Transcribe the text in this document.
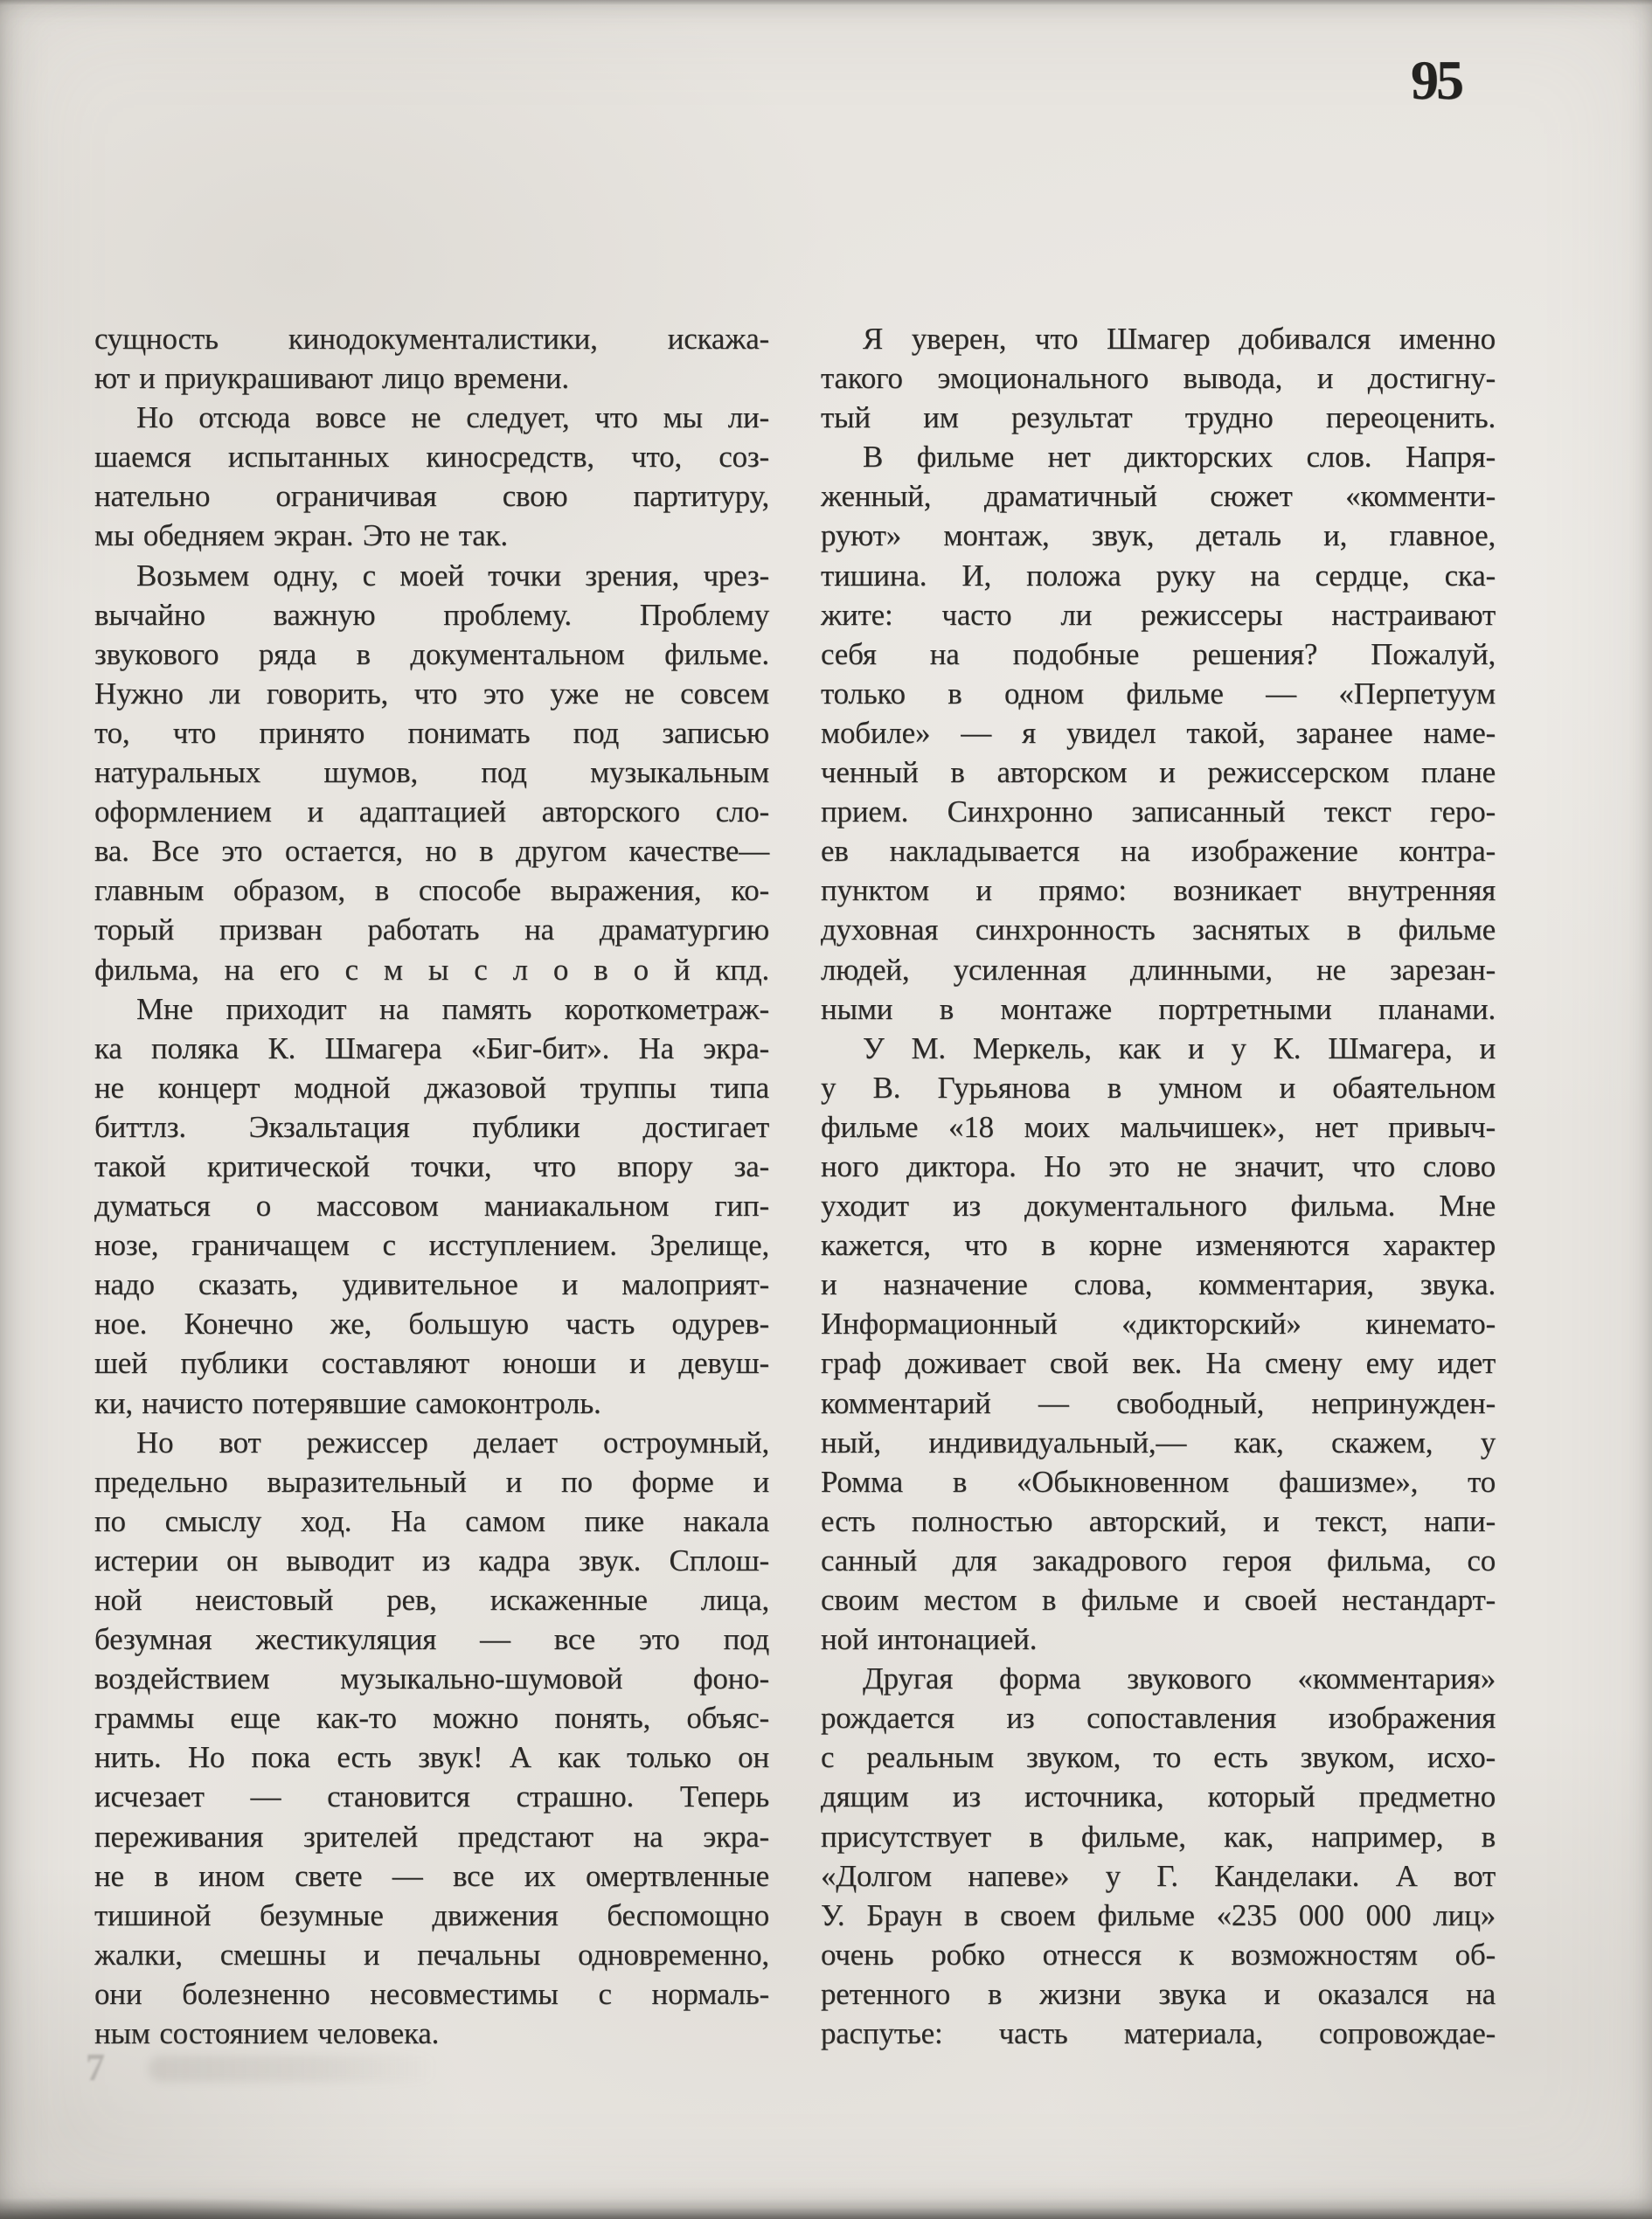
95
сущность кинодокументалистики, искажа-
ют и приукрашивают лицо времени.
Но отсюда вовсе не следует, что мы ли-
шаемся испытанных киносредств, что, соз-
нательно ограничивая свою партитуру,
мы обедняем экран. Это не так.
Возьмем одну, с моей точки зрения, чрез-
вычайно важную проблему. Проблему
звукового ряда в документальном фильме.
Нужно ли говорить, что это уже не совсем
то, что принято понимать под записью
натуральных шумов, под музыкальным
оформлением и адаптацией авторского сло-
ва. Все это остается, но в другом качестве—
главным образом, в способе выражения, ко-
торый призван работать на драматургию
фильма, на его с м ы с л о в о й кпд.
Мне приходит на память короткометраж-
ка поляка К. Шмагера «Биг-бит». На экра-
не концерт модной джазовой труппы типа
биттлз. Экзальтация публики достигает
такой критической точки, что впору за-
думаться о массовом маниакальном гип-
нозе, граничащем с исступлением. Зрелище,
надо сказать, удивительное и малоприят-
ное. Конечно же, большую часть одурев-
шей публики составляют юноши и девуш-
ки, начисто потерявшие самоконтроль.
Но вот режиссер делает остроумный,
предельно выразительный и по форме и
по смыслу ход. На самом пике накала
истерии он выводит из кадра звук. Сплош-
ной неистовый рев, искаженные лица,
безумная жестикуляция — все это под
воздействием музыкально-шумовой фоно-
граммы еще как-то можно понять, объяс-
нить. Но пока есть звук! А как только он
исчезает — становится страшно. Теперь
переживания зрителей предстают на экра-
не в ином свете — все их омертвленные
тишиной безумные движения беспомощно
жалки, смешны и печальны одновременно,
они болезненно несовместимы с нормаль-
ным состоянием человека.
Я уверен, что Шмагер добивался именно
такого эмоционального вывода, и достигну-
тый им результат трудно переоценить.
В фильме нет дикторских слов. Напря-
женный, драматичный сюжет «комменти-
руют» монтаж, звук, деталь и, главное,
тишина. И, положа руку на сердце, ска-
жите: часто ли режиссеры настраивают
себя на подобные решения? Пожалуй,
только в одном фильме — «Перпетуум
мобиле» — я увидел такой, заранее наме-
ченный в авторском и режиссерском плане
прием. Синхронно записанный текст геро-
ев накладывается на изображение контра-
пунктом и прямо: возникает внутренняя
духовная синхронность заснятых в фильме
людей, усиленная длинными, не зарезан-
ными в монтаже портретными планами.
У М. Меркель, как и у К. Шмагера, и
у В. Гурьянова в умном и обаятельном
фильме «18 моих мальчишек», нет привыч-
ного диктора. Но это не значит, что слово
уходит из документального фильма. Мне
кажется, что в корне изменяются характер
и назначение слова, комментария, звука.
Информационный «дикторский» кинемато-
граф доживает свой век. На смену ему идет
комментарий — свободный, непринужден-
ный, индивидуальный,— как, скажем, у
Ромма в «Обыкновенном фашизме», то
есть полностью авторский, и текст, напи-
санный для закадрового героя фильма, со
своим местом в фильме и своей нестандарт-
ной интонацией.
Другая форма звукового «комментария»
рождается из сопоставления изображения
с реальным звуком, то есть звуком, исхо-
дящим из источника, который предметно
присутствует в фильме, как, например, в
«Долгом напеве» у Г. Канделаки. А вот
У. Браун в своем фильме «235 000 000 лиц»
очень робко отнесся к возможностям об-
ретенного в жизни звука и оказался на
распутье: часть материала, сопровождае-
7
